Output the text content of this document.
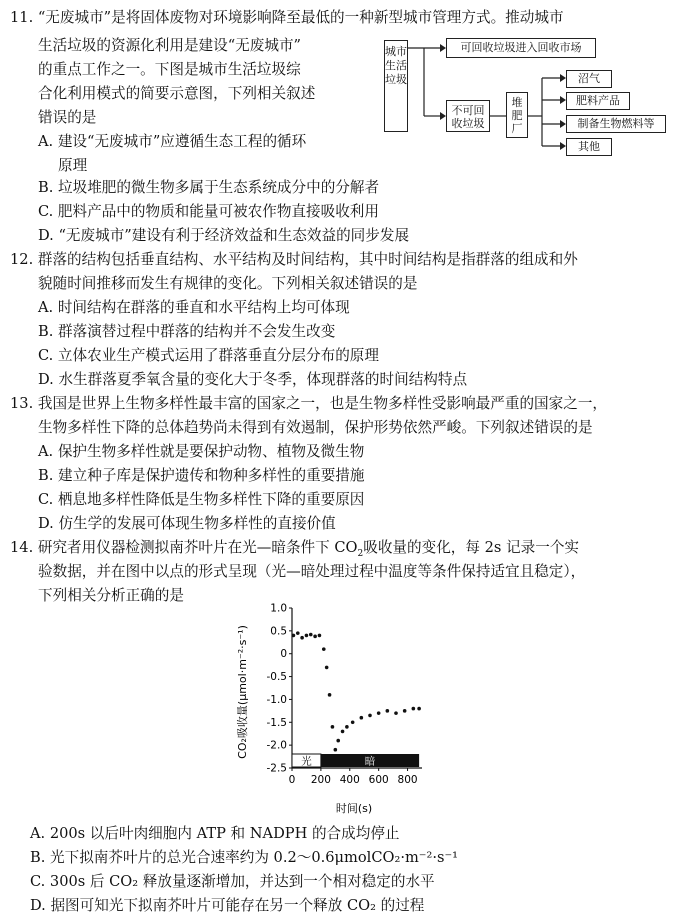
11. “无废城市”是将固体废物对环境影响降至最低的一种新型城市管理方式。推动城市
生活垃圾的资源化利用是建设“无废城市”
的重点工作之一。下图是城市生活垃圾综
合化利用模式的简要示意图，下列相关叙述
错误的是
A. 建设“无废城市”应遵循生态工程的循环
原理
B. 垃圾堆肥的微生物多属于生态系统成分中的分解者
C. 肥料产品中的物质和能量可被农作物直接吸收利用
D. “无废城市”建设有利于经济效益和生态效益的同步发展
城市生活垃圾
可回收垃圾进入回收市场
不可回收垃圾
堆肥厂
沼气
肥料产品
制备生物燃料等
其他
12. 群落的结构包括垂直结构、水平结构及时间结构，其中时间结构是指群落的组成和外
貌随时间推移而发生有规律的变化。下列相关叙述错误的是
A. 时间结构在群落的垂直和水平结构上均可体现
B. 群落演替过程中群落的结构并不会发生改变
C. 立体农业生产模式运用了群落垂直分层分布的原理
D. 水生群落夏季氧含量的变化大于冬季，体现群落的时间结构特点
13. 我国是世界上生物多样性最丰富的国家之一，也是生物多样性受影响最严重的国家之一，
生物多样性下降的总体趋势尚未得到有效遏制，保护形势依然严峻。下列叙述错误的是
A. 保护生物多样性就是要保护动物、植物及微生物
B. 建立种子库是保护遗传和物种多样性的重要措施
C. 栖息地多样性降低是生物多样性下降的重要原因
D. 仿生学的发展可体现生物多样性的直接价值
14. 研究者用仪器检测拟南芥叶片在光—暗条件下 $CO_2$吸收量的变化，每 2s 记录一个实
验数据，并在图中以点的形式呈现（光—暗处理过程中温度等条件保持适宜且稳定），
下列相关分析正确的是
1.0
0.5
0
-0.5
-1.0
-1.5
-2.0
-2.5
0 200 400 600 800
光	暗
CO₂吸收量(μmol·m⁻²·s⁻¹)
时间(s)
A. 200s 以后叶肉细胞内 ATP 和 NADPH 的合成均停止
B. 光下拟南芥叶片的总光合速率约为 0.2～0.6μmolCO₂·m⁻²·s⁻¹
C. 300s 后 CO₂ 释放量逐渐增加，并达到一个相对稳定的水平
D. 据图可知光下拟南芥叶片可能存在另一个释放 CO₂ 的过程
